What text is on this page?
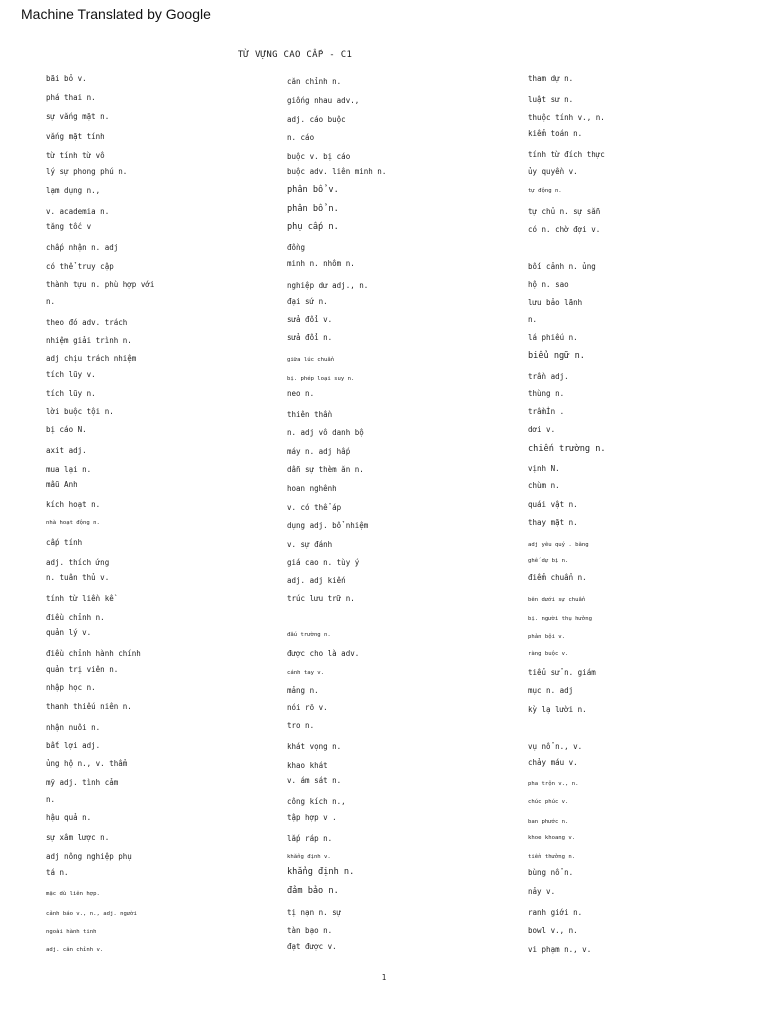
Machine Translated by Google
TỪ VỰNG CAO CẤP - C1
bãi bỏ v.
phá thai n.
sự vắng mặt n.
vắng mặt tính
từ tính từ vô
lý sự phong phú n.
lạm dụng n.,
v. academia n.
tăng tốc v
chấp nhận n. adj
có thể truy cập
thành tựu n. phù hợp với
n.
theo đó adv. trách
nhiệm giải trình n.
adj chịu trách nhiệm
tích lũy v.
tích lũy n.
lời buộc tội n.
bị cáo N.
axit adj.
mua lại n.
mẫu Anh
kích hoạt n.
nhà hoạt động n.
cấp tính
adj. thích ứng
n. tuân thủ v.
tính từ liền kề
điều chỉnh n.
quản lý v.
điều chỉnh hành chính
quản trị viên n.
nhập học n.
thanh thiếu niên n.
nhận nuôi n.
bất lợi adj.
ủng hộ n., v. thẩm
mỹ adj. tình cảm
n.
hậu quả n.
sự xâm lược n.
adj nông nghiệp phụ
tá n.
mặc dù liên hợp.
cảnh báo v., n., adj. người
ngoài hành tinh
adj. căn chỉnh v.
căn chỉnh n.
giống nhau adv.,
adj. cáo buộc
n. cáo
buộc v. bị cáo
buộc adv. liên minh n.
phân bổ v.
phân bổ n.
phụ cấp n.
đồng
minh n. nhôm n.
nghiệp dư adj., n.
đại sứ n.
sửa đổi v.
sửa đổi n.
giữa lúc chuẩn
bị. phép loại suy n.
neo n.
thiên thần
n. adj vô danh bộ
máy n. adj hấp
dẫn sự thèm ăn n.
hoan nghênh
v. có thể áp
dụng adj. bổ nhiệm
v. sự đánh
giá cao n. tùy ý
adj. adj kiến
trúc lưu trữ n.
đấu trường n.
được cho là adv.
cánh tay v.
mảng n.
nói rõ v.
tro n.
khát vọng n.
khao khát
v. ám sát n.
công kích n.,
tập hợp v .
lắp ráp n.
khẳng định v.
khẳng định n.
đảm bảo n.
tị nạn n. sự
tàn bạo n.
đạt được v.
tham dự n.
luật sư n.
thuộc tính v., n.
kiểm toán n.
tính từ đích thực
ủy quyền v.
tự động n.
tự chủ n. sự sẵn
có n. chờ đợi v.
bối cảnh n. ủng
hộ n. sao
lưu bảo lãnh
n.
lá phiếu n.
biểu ngữ n.
trần adj.
thùng n.
trầmİn .
dơi v.
chiến trường n.
vịnh N.
chùm n.
quái vật n.
thay mặt n.
adj yêu quý . băng
ghế dự bị n.
điểm chuẩn n.
bên dưới sự chuẩn
bị. người thụ hưởng
phản bội v.
ràng buộc v.
tiểu sử n. giám
mục n. adj
kỳ lạ lười n.
vụ nổ n., v.
chảy máu v.
pha trộn v., n.
chúc phúc v.
ban phước n.
khoe khoang v.
tiền thưởng n.
bùng nổ n.
nảy v.
ranh giới n.
bowl v., n.
vi phạm n., v.
1
